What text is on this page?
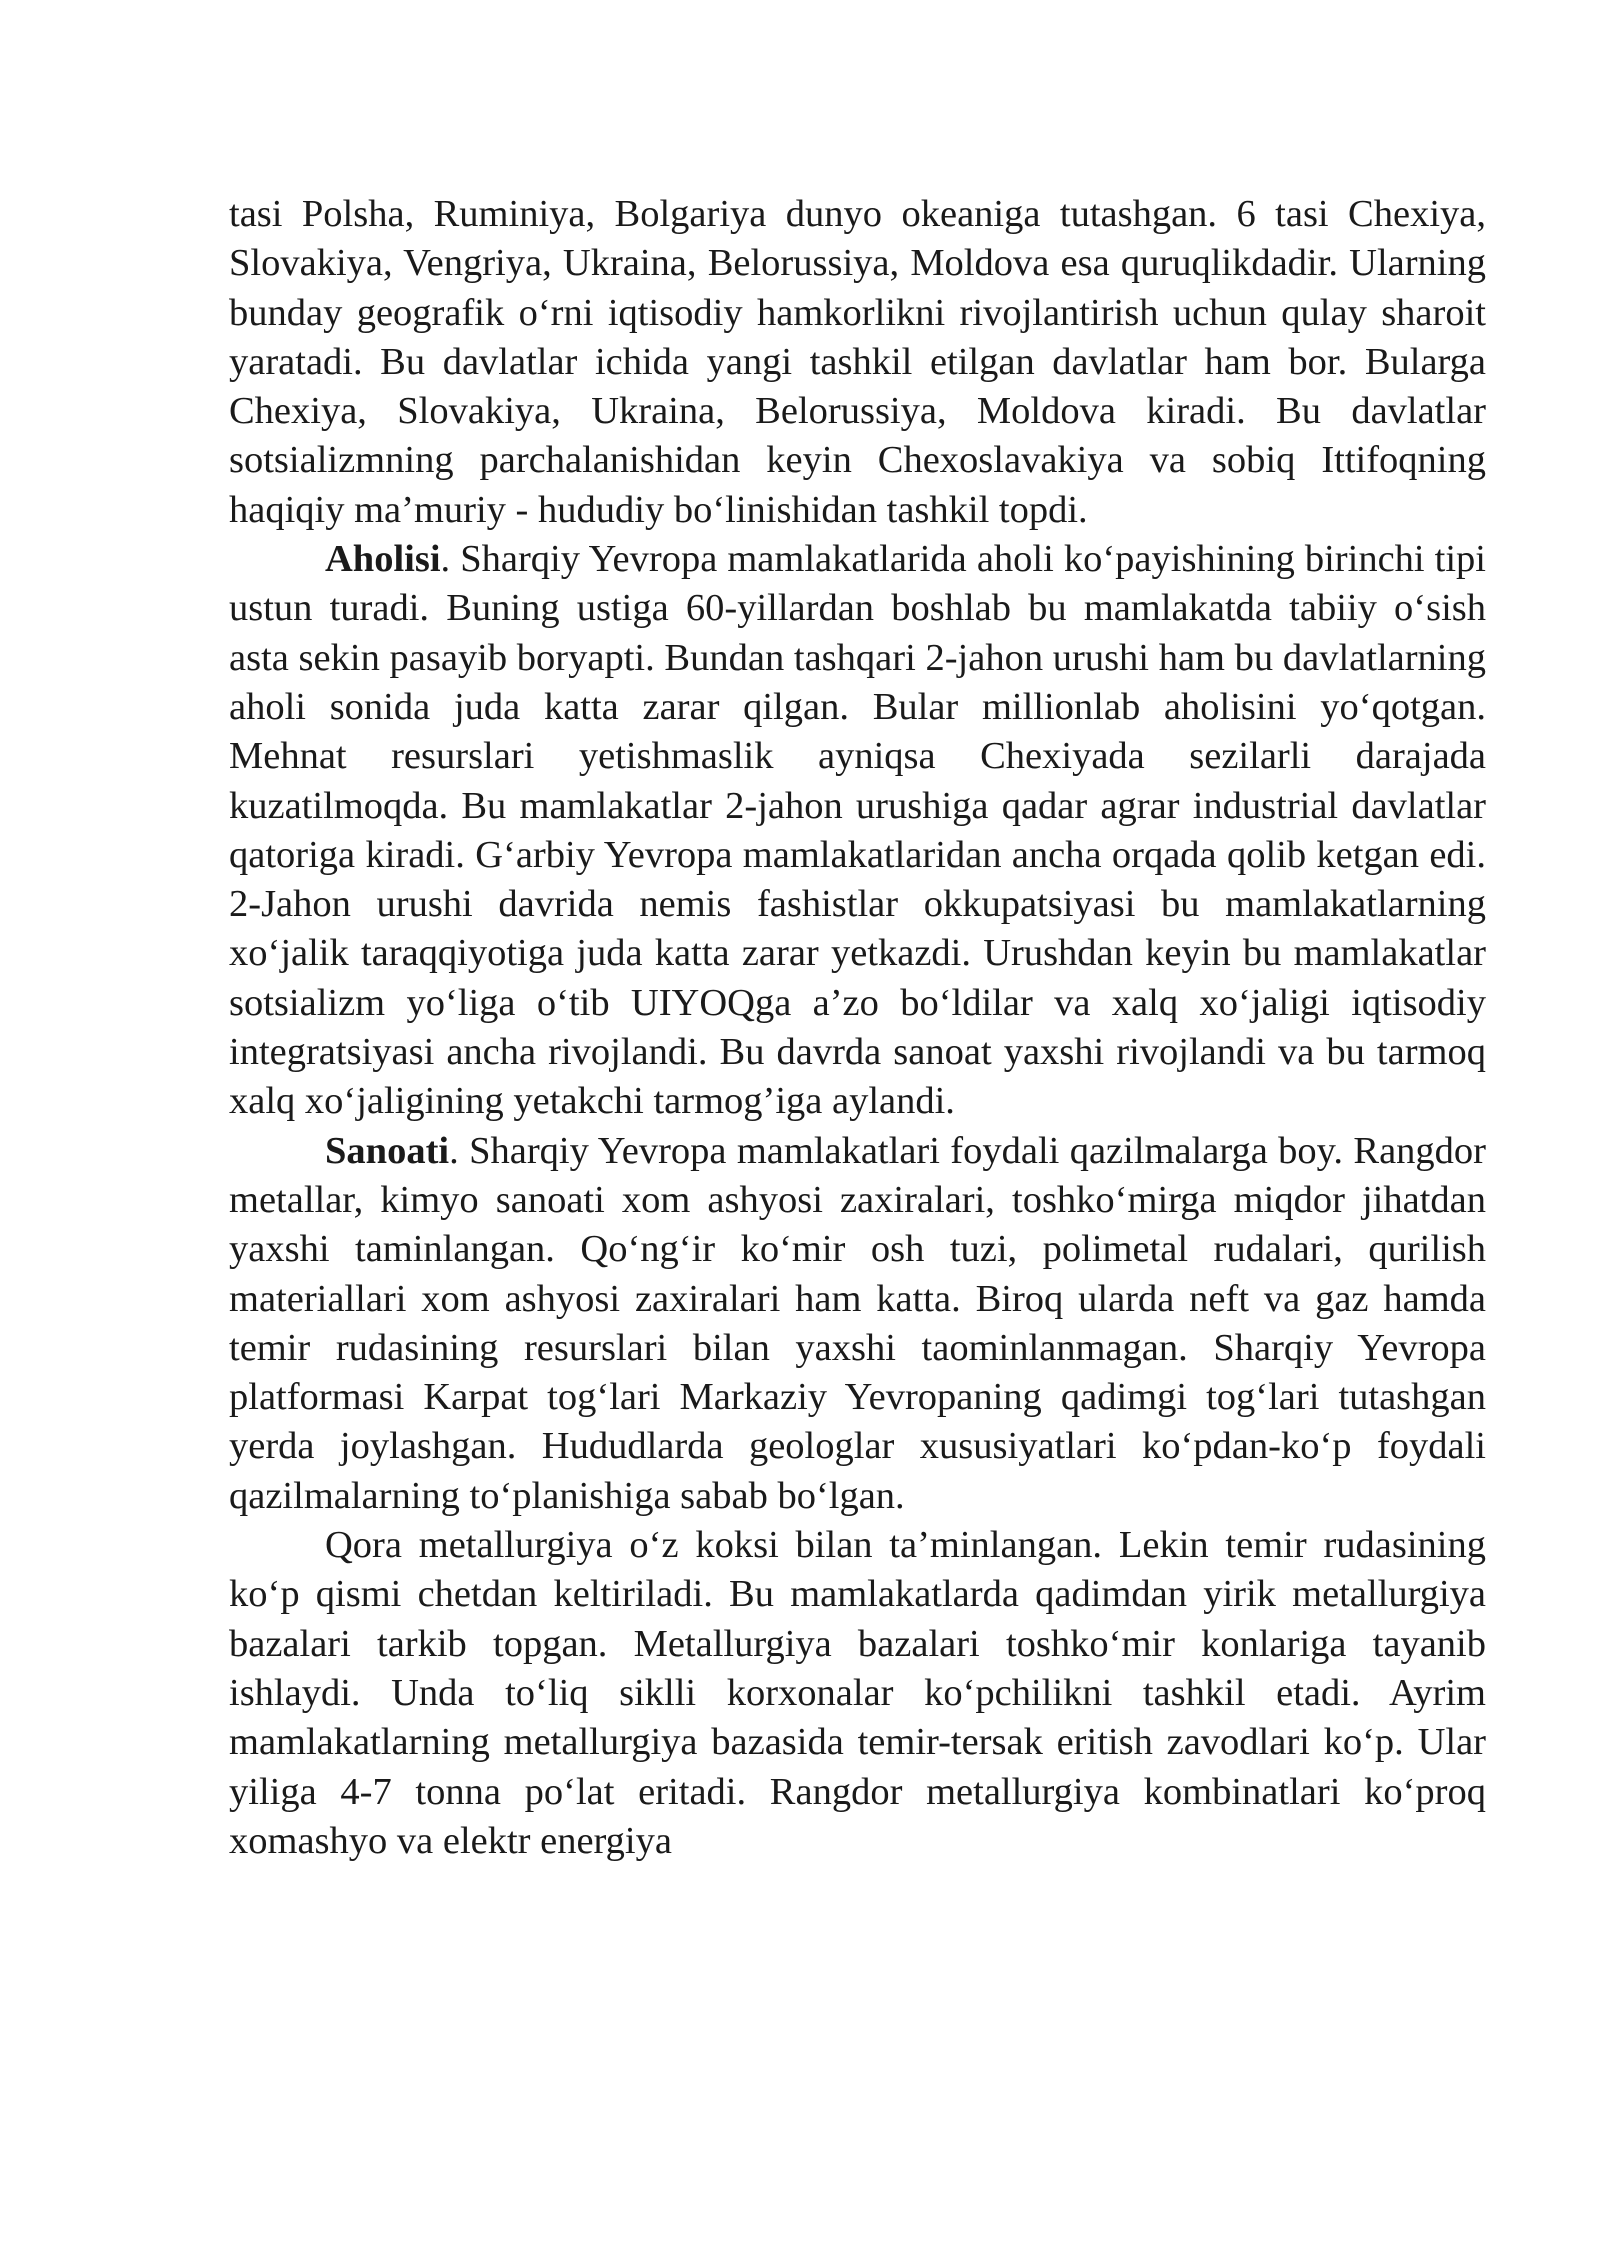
tasi Polsha, Ruminiya, Bolgariya dunyo okeaniga tutashgan. 6 tasi Chexiya, Slovakiya, Vengriya, Ukraina, Belorussiya, Moldova esa quruqlikdadir. Ularning bunday geografik o‘rni iqtisodiy hamkorlikni rivojlantirish uchun qulay sharoit yaratadi. Bu davlatlar ichida yangi tashkil etilgan davlatlar ham bor. Bularga Chexiya, Slovakiya, Ukraina, Belorussiya, Moldova kiradi. Bu davlatlar sotsializmning parchalanishidan keyin Chexoslavakiya va sobiq Ittifoqning haqiqiy ma’muriy - hududiy bo‘linishidan tashkil topdi.

Aholisi. Sharqiy Yevropa mamlakatlarida aholi ko‘payishining birinchi tipi ustun turadi. Buning ustiga 60-yillardan boshlab bu mamlakatda tabiiy o‘sish asta sekin pasayib boryapti. Bundan tashqari 2-jahon urushi ham bu davlatlarning aholi sonida juda katta zarar qilgan. Bular millionlab aholisini yo‘qotgan. Mehnat resurslari yetishmaslik ayniqsa Chexiyada sezilarli darajada kuzatilmoqda. Bu mamlakatlar 2-jahon urushiga qadar agrar industrial davlatlar qatoriga kiradi. G‘arbiy Yevropa mamlakatlaridan ancha orqada qolib ketgan edi. 2-Jahon urushi davrida nemis fashistlar okkupatsiyasi bu mamlakatlarning xo‘jalik taraqqiyotiga juda katta zarar yetkazdi. Urushdan keyin bu mamlakatlar sotsializm yo‘liga o‘tib UIYOQga a’zo bo‘ldilar va xalq xo‘jaligi iqtisodiy integratsiyasi ancha rivojlandi. Bu davrda sanoat yaxshi rivojlandi va bu tarmoq xalq xo‘jaligining yetakchi tarmog’iga aylandi.

Sanoati. Sharqiy Yevropa mamlakatlari foydali qazilmalarga boy. Rangdor metallar, kimyo sanoati xom ashyosi zaxiralari, toshko‘mirga miqdor jihatdan yaxshi taminlangan. Qo‘ng‘ir ko‘mir osh tuzi, polimetal rudalari, qurilish materiallari xom ashyosi zaxiralari ham katta. Biroq ularda neft va gaz hamda temir rudasining resurslari bilan yaxshi taominlanmagan. Sharqiy Yevropa platformasi Karpat tog‘lari Markaziy Yevropaning qadimgi tog‘lari tutashgan yerda joylashgan. Hududlarda geologlar xususiyatlari ko‘pdan-ko‘p foydali qazilmalarning to‘planishiga sabab bo‘lgan.

Qora metallurgiya o‘z koksi bilan ta’minlangan. Lekin temir rudasining ko‘p qismi chetdan keltiriladi. Bu mamlakatlarda qadimdan yirik metallurgiya bazalari tarkib topgan. Metallurgiya bazalari toshko‘mir konlariga tayanib ishlaydi. Unda to‘liq siklli korxonalar ko‘pchilikni tashkil etadi. Ayrim mamlakatlarning metallurgiya bazasida temir-tersak eritish zavodlari ko‘p. Ular yiliga 4-7 tonna po‘lat eritadi. Rangdor metallurgiya kombinatlari ko‘proq xomashyo va elektr energiya
